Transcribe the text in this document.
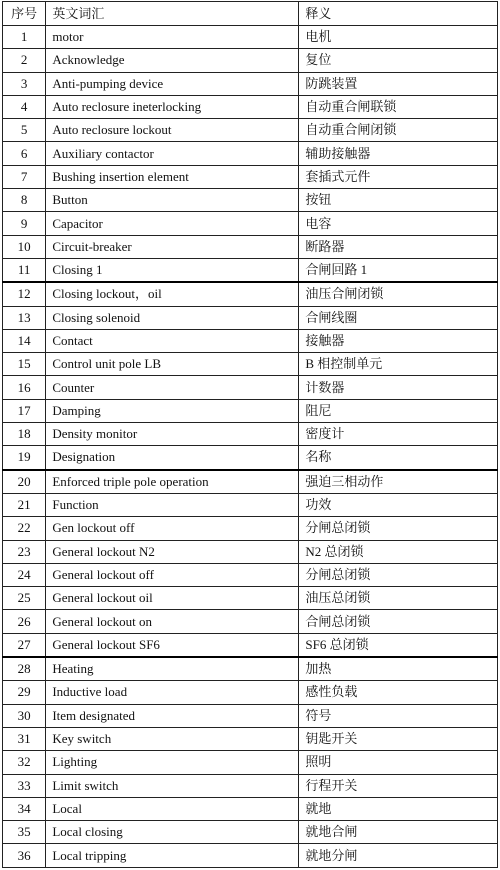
序号	英文词汇	释义
1	motor	电机
2	Acknowledge	复位
3	Anti-pumping device	防跳装置
4	Auto reclosure ineterlocking	自动重合闸联锁
5	Auto reclosure lockout	自动重合闸闭锁
6	Auxiliary contactor	辅助接触器
7	Bushing insertion element	套插式元件
8	Button	按钮
9	Capacitor	电容
10	Circuit-breaker	断路器
11	Closing 1	合闸回路 1
12	Closing lockout，oil	油压合闸闭锁
13	Closing solenoid	合闸线圈
14	Contact	接触器
15	Control unit pole LB	B 相控制单元
16	Counter	计数器
17	Damping	阻尼
18	Density monitor	密度计
19	Designation	名称
20	Enforced triple pole operation	强迫三相动作
21	Function	功效
22	Gen lockout off	分闸总闭锁
23	General lockout N2	N2 总闭锁
24	General lockout off	分闸总闭锁
25	General lockout oil	油压总闭锁
26	General lockout on	合闸总闭锁
27	General lockout SF6	SF6 总闭锁
28	Heating	加热
29	Inductive load	感性负载
30	Item designated	符号
31	Key switch	钥匙开关
32	Lighting	照明
33	Limit switch	行程开关
34	Local	就地
35	Local closing	就地合闸
36	Local tripping	就地分闸
